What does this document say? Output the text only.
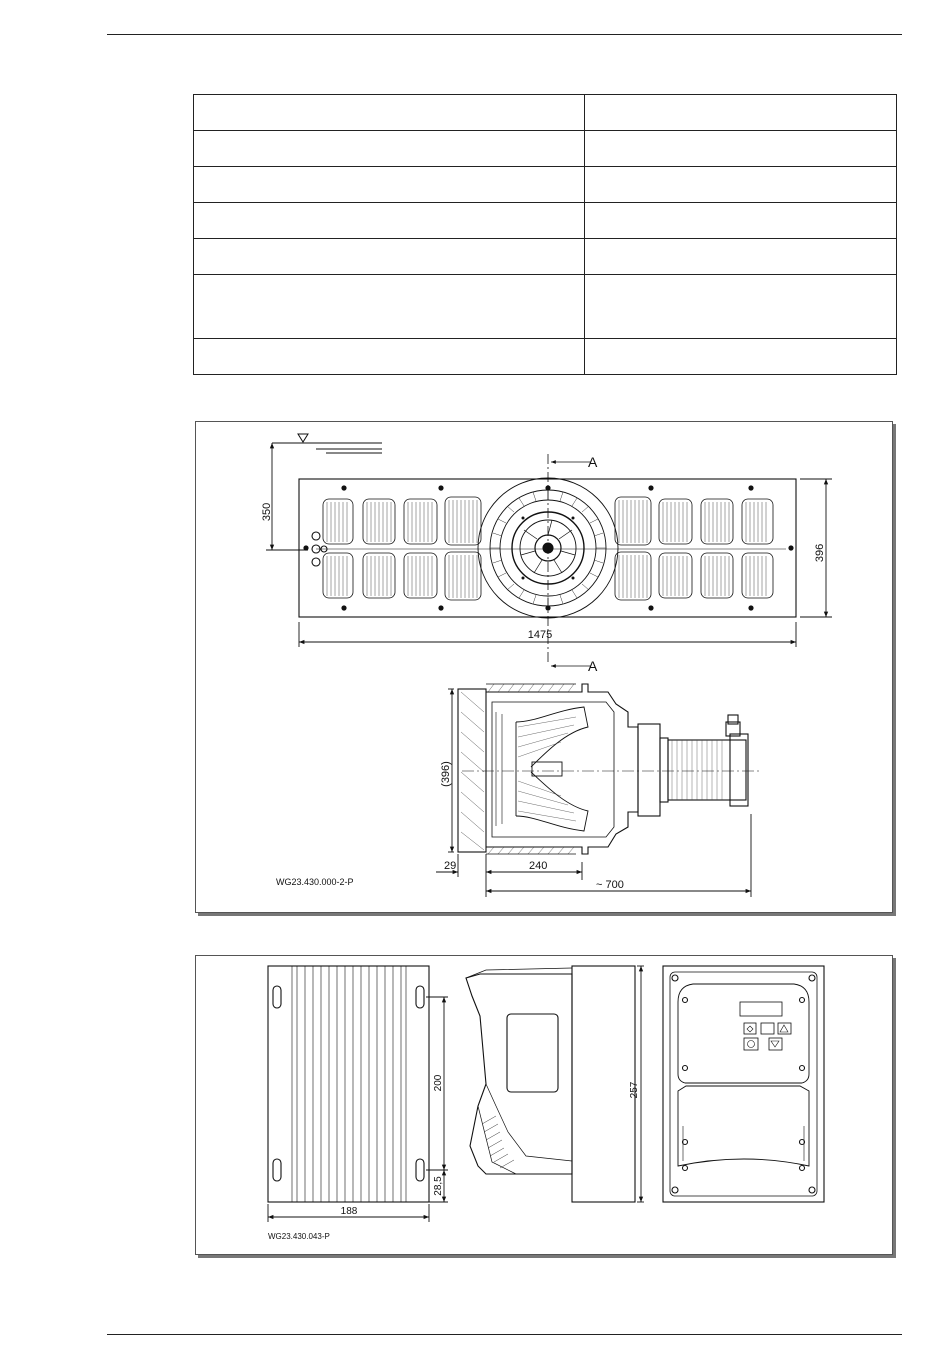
350
A
A
1475
396
(396)
29	240
~ 700
WG23.430.000-2-P
200
28,5
188
257
WG23.430.043-P
